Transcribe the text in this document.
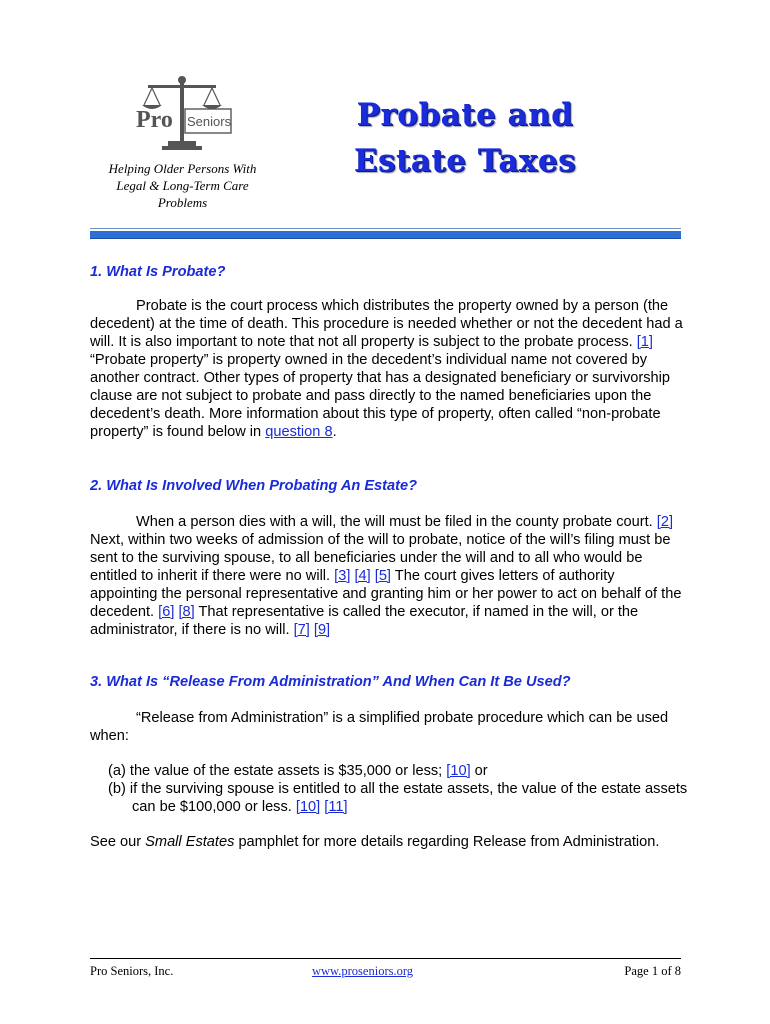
Pro Seniors
Helping Older Persons With
Legal & Long-Term Care
Problems
Probate and
Estate Taxes
1. What Is Probate?

Probate is the court process which distributes the property owned by a person (the decedent) at the time of death. This procedure is needed whether or not the decedent had a will. It is also important to note that not all property is subject to the probate process. [1] “Probate property” is property owned in the decedent’s individual name not covered by another contract. Other types of property that has a designated beneficiary or survivorship clause are not subject to probate and pass directly to the named beneficiaries upon the decedent’s death. More information about this type of property, often called “non-probate property” is found below in question 8.

2. What Is Involved When Probating An Estate?

When a person dies with a will, the will must be filed in the county probate court. [2] Next, within two weeks of admission of the will to probate, notice of the will’s filing must be sent to the surviving spouse, to all beneficiaries under the will and to all who would be entitled to inherit if there were no will. [3] [4] [5] The court gives letters of authority appointing the personal representative and granting him or her power to act on behalf of the decedent. [6] [8] That representative is called the executor, if named in the will, or the administrator, if there is no will. [7] [9]

3. What Is “Release From Administration” And When Can It Be Used?

“Release from Administration” is a simplified probate procedure which can be used when:

(a) the value of the estate assets is $35,000 or less; [10] or
(b) if the surviving spouse is entitled to all the estate assets, the value of the estate assets can be $100,000 or less. [10] [11]

See our Small Estates pamphlet for more details regarding Release from Administration.

Pro Seniors, Inc.	www.proseniors.org	Page 1 of 8
